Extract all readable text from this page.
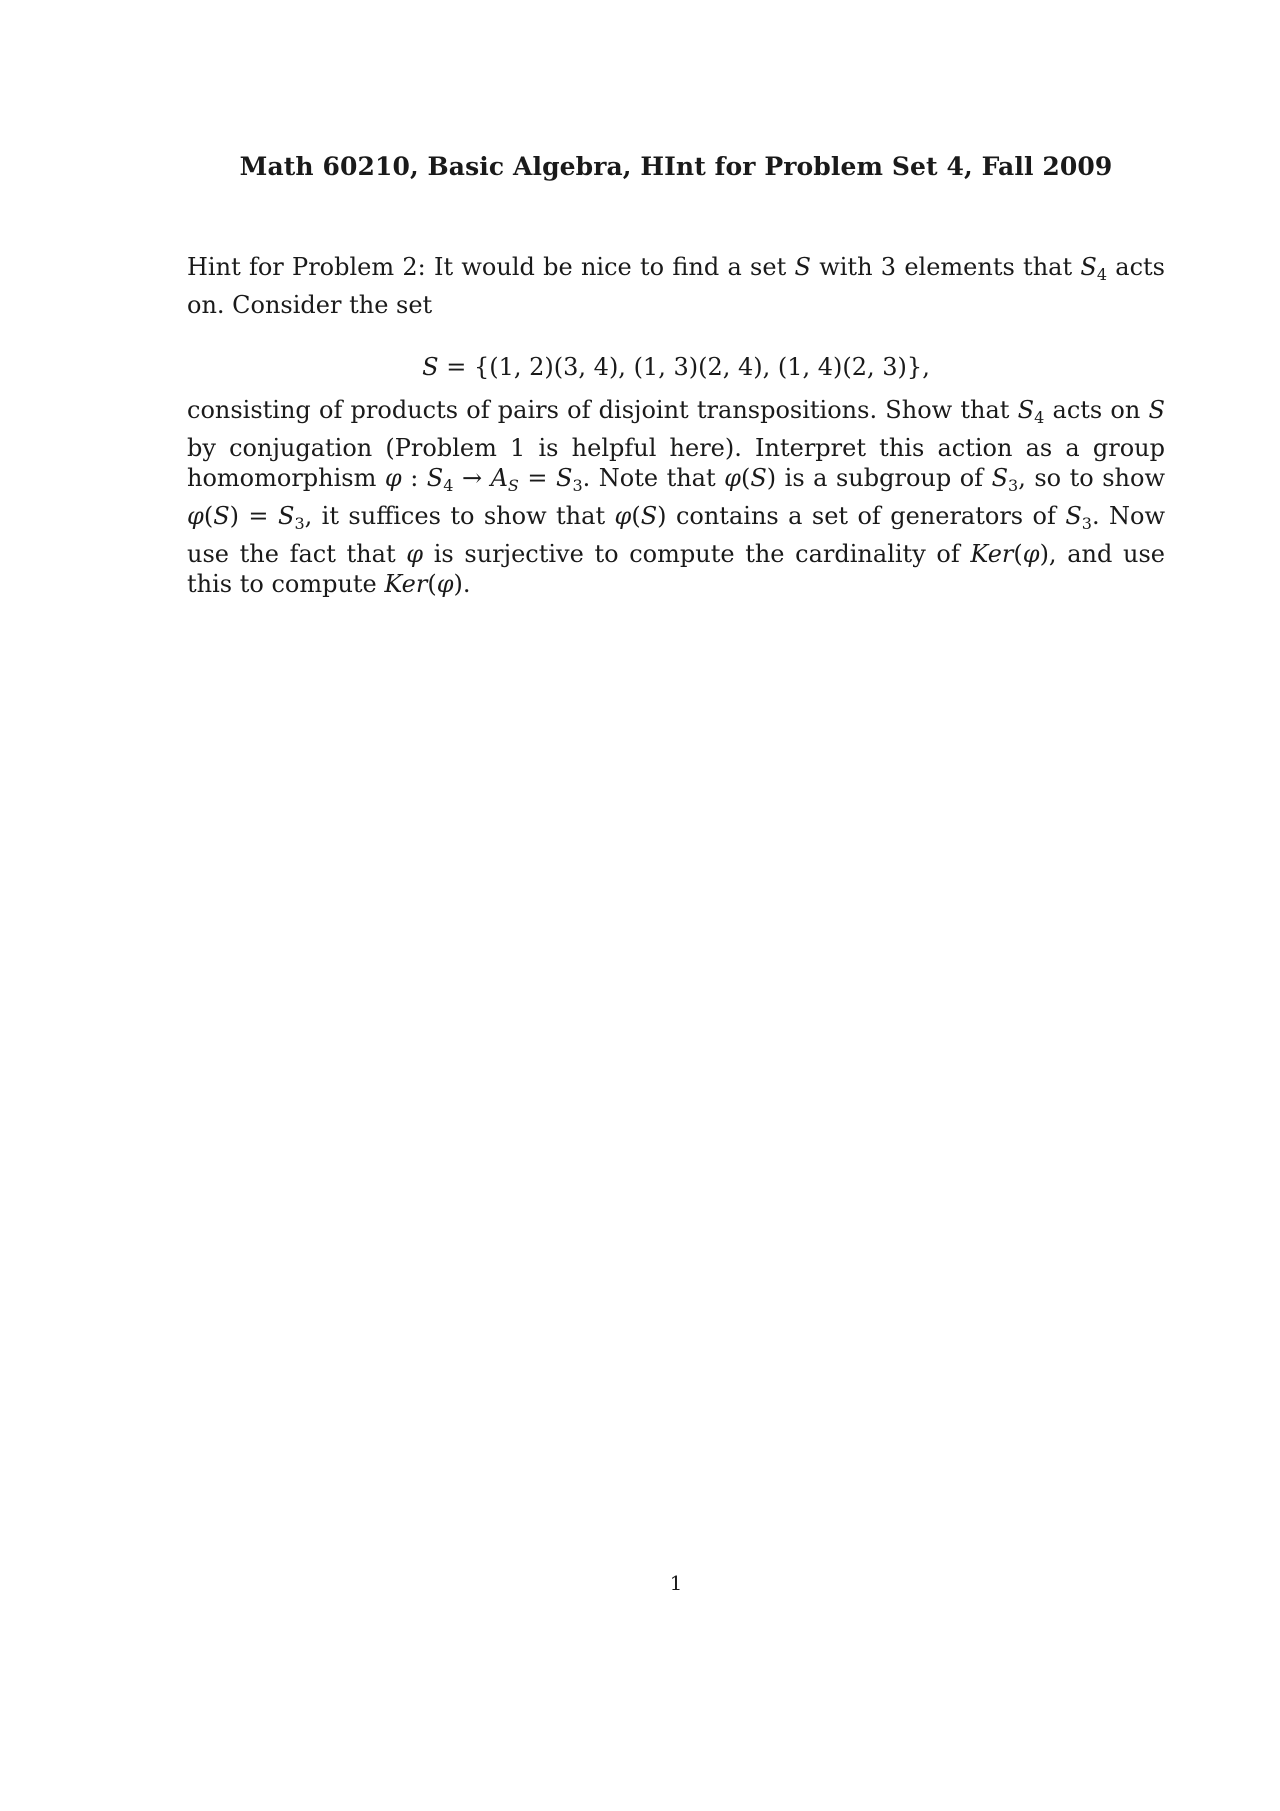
Math 60210, Basic Algebra, HInt for Problem Set 4, Fall 2009
Hint for Problem 2: It would be nice to find a set S with 3 elements that $S_4$ acts on. Consider the set
S = {(1, 2)(3, 4), (1, 3)(2, 4), (1, 4)(2, 3)},
consisting of products of pairs of disjoint transpositions. Show that $S_4$ acts on S by conjugation (Problem 1 is helpful here). Interpret this action as a group homomorphism φ : $S_4 \to A_S = S_3$. Note that φ(S) is a subgroup of $S_3$, so to show $\varphi(S) = S_3$, it suffices to show that φ(S) contains a set of generators of $S_3$. Now use the fact that φ is surjective to compute the cardinality of Ker(φ), and use this to compute Ker(φ).
1
